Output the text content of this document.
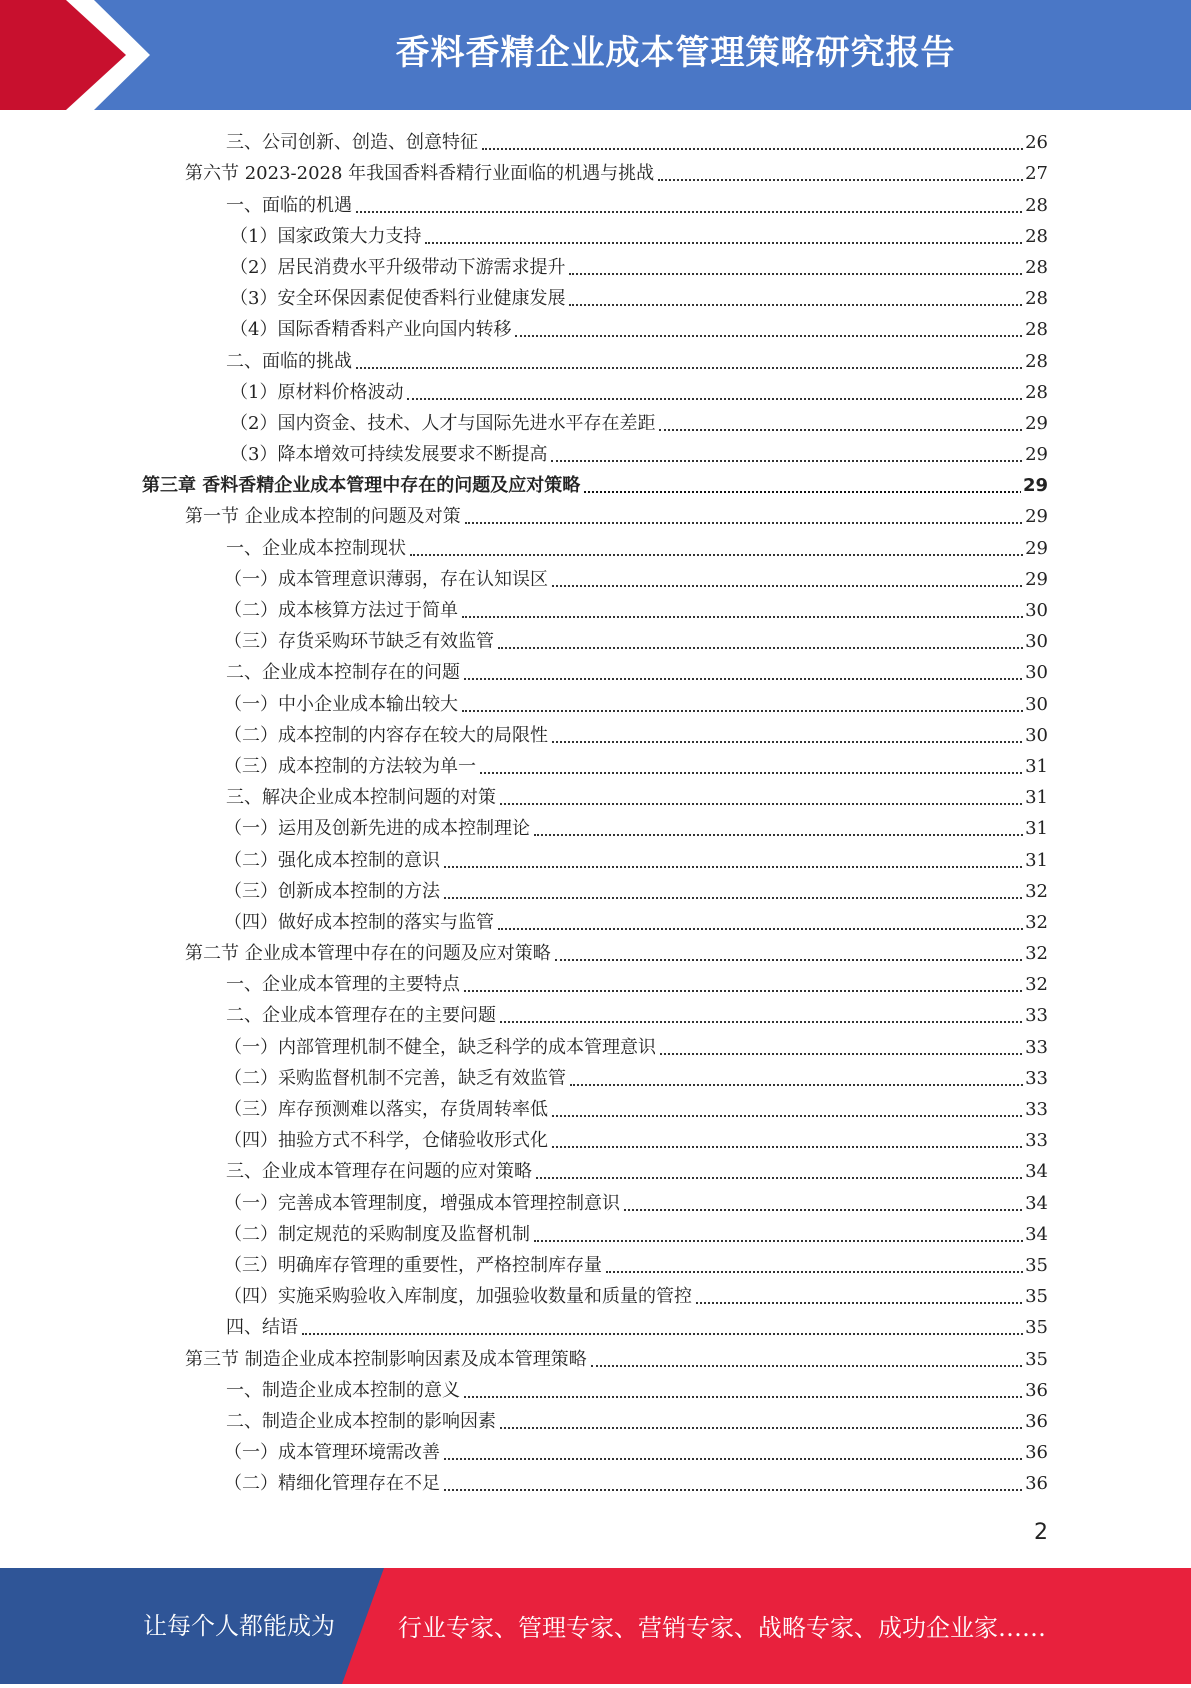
香料香精企业成本管理策略研究报告
三、公司创新、创造、创意特征	26
第六节 2023-2028 年我国香料香精行业面临的机遇与挑战	27
一、面临的机遇	28
（1）国家政策大力支持	28
（2）居民消费水平升级带动下游需求提升	28
（3）安全环保因素促使香料行业健康发展	28
（4）国际香精香料产业向国内转移	28
二、面临的挑战	28
（1）原材料价格波动	28
（2）国内资金、技术、人才与国际先进水平存在差距	29
（3）降本增效可持续发展要求不断提高	29
第三章 香料香精企业成本管理中存在的问题及应对策略	29
第一节 企业成本控制的问题及对策	29
一、企业成本控制现状	29
（一）成本管理意识薄弱，存在认知误区	29
（二）成本核算方法过于简单	30
（三）存货采购环节缺乏有效监管	30
二、企业成本控制存在的问题	30
（一）中小企业成本输出较大	30
（二）成本控制的内容存在较大的局限性	30
（三）成本控制的方法较为单一	31
三、解决企业成本控制问题的对策	31
（一）运用及创新先进的成本控制理论	31
（二）强化成本控制的意识	31
（三）创新成本控制的方法	32
（四）做好成本控制的落实与监管	32
第二节 企业成本管理中存在的问题及应对策略	32
一、企业成本管理的主要特点	32
二、企业成本管理存在的主要问题	33
（一）内部管理机制不健全，缺乏科学的成本管理意识	33
（二）采购监督机制不完善，缺乏有效监管	33
（三）库存预测难以落实，存货周转率低	33
（四）抽验方式不科学，仓储验收形式化	33
三、企业成本管理存在问题的应对策略	34
（一）完善成本管理制度，增强成本管理控制意识	34
（二）制定规范的采购制度及监督机制	34
（三）明确库存管理的重要性，严格控制库存量	35
（四）实施采购验收入库制度，加强验收数量和质量的管控	35
四、结语	35
第三节 制造企业成本控制影响因素及成本管理策略	35
一、制造企业成本控制的意义	36
二、制造企业成本控制的影响因素	36
（一）成本管理环境需改善	36
（二）精细化管理存在不足	36
2
让每个人都能成为	行业专家、管理专家、营销专家、战略专家、成功企业家……
